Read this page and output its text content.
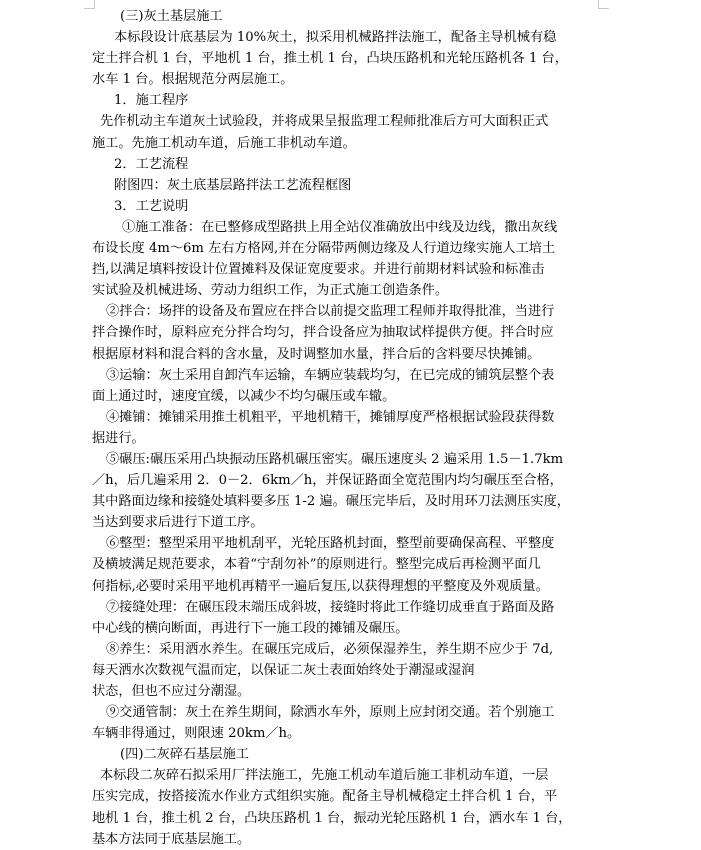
(三)灰土基层施工
本标段设计底基层为 10%灰土，拟采用机械路拌法施工，配备主导机械有稳
定土拌合机 1 台，平地机 1 台，推土机 1 台，凸块压路机和光轮压路机各 1 台，
水车 1 台。根据规范分两层施工。
1．施工程序
先作机动主车道灰土试验段，并将成果呈报监理工程师批准后方可大面积正式
施工。先施工机动车道，后施工非机动车道。
2．工艺流程
附图四：灰土底基层路拌法工艺流程框图
3．工艺说明
①施工准备：在已整修成型路拱上用全站仪准确放出中线及边线，撒出灰线
布设长度 4m～6m 左右方格网,并在分隔带两侧边缘及人行道边缘实施人工培土
挡,以满足填料按设计位置摊料及保证宽度要求。并进行前期材料试验和标准击
实试验及机械进场、劳动力组织工作，为正式施工创造条件。
②拌合：场拌的设备及布置应在拌合以前提交监理工程师并取得批准，当进行
拌合操作时，原料应充分拌合均匀，拌合设备应为抽取试样提供方便。拌合时应
根据原材料和混合料的含水量，及时调整加水量，拌合后的含料要尽快摊铺。
③运输：灰土采用自卸汽车运输，车辆应装载均匀，在已完成的铺筑层整个表
面上通过时，速度宜缓，以减少不均匀碾压或车辙。
④摊铺：摊铺采用推土机粗平，平地机精干，摊铺厚度严格根据试验段获得数
据进行。
⑤碾压:碾压采用凸块振动压路机碾压密实。碾压速度头 2 遍采用 1.5－1.7km
／h，后几遍采用 2．0－2．6km／h，并保证路面全宽范围内均匀碾压至合格，
其中路面边缘和接缝处填料要多压 1-2 遍。碾压完毕后，及时用环刀法测压实度，
当达到要求后进行下道工序。
⑥整型：整型采用平地机刮平，光轮压路机封面，整型前要确保高程、平整度
及横坡满足规范要求，本着“宁刮勿补”的原则进行。整型完成后再检测平面几
何指标,必要时采用平地机再精平一遍后复压,以获得理想的平整度及外观质量。
⑦接缝处理：在碾压段末端压成斜坡，接缝时将此工作缝切成垂直于路面及路
中心线的横向断面，再进行下一施工段的摊铺及碾压。
⑧养生：采用洒水养生。在碾压完成后，必须保湿养生，养生期不应少于 7d,
每天洒水次数视气温而定，以保证二灰土表面始终处于潮湿或湿润
状态，但也不应过分潮湿。
⑨交通管制：灰土在养生期间，除洒水车外，原则上应封闭交通。若个别施工
车辆非得通过，则限速 20km／h。
(四)二灰碎石基层施工
本标段二灰碎石拟采用厂拌法施工，先施工机动车道后施工非机动车道，一层
压实完成，按搭接流水作业方式组织实施。配备主导机械稳定土拌合机 1 台，平
地机 1 台，推土机 2 台，凸块压路机 1 台，振动光轮压路机 1 台，洒水车 1 台，
基本方法同于底基层施工。
